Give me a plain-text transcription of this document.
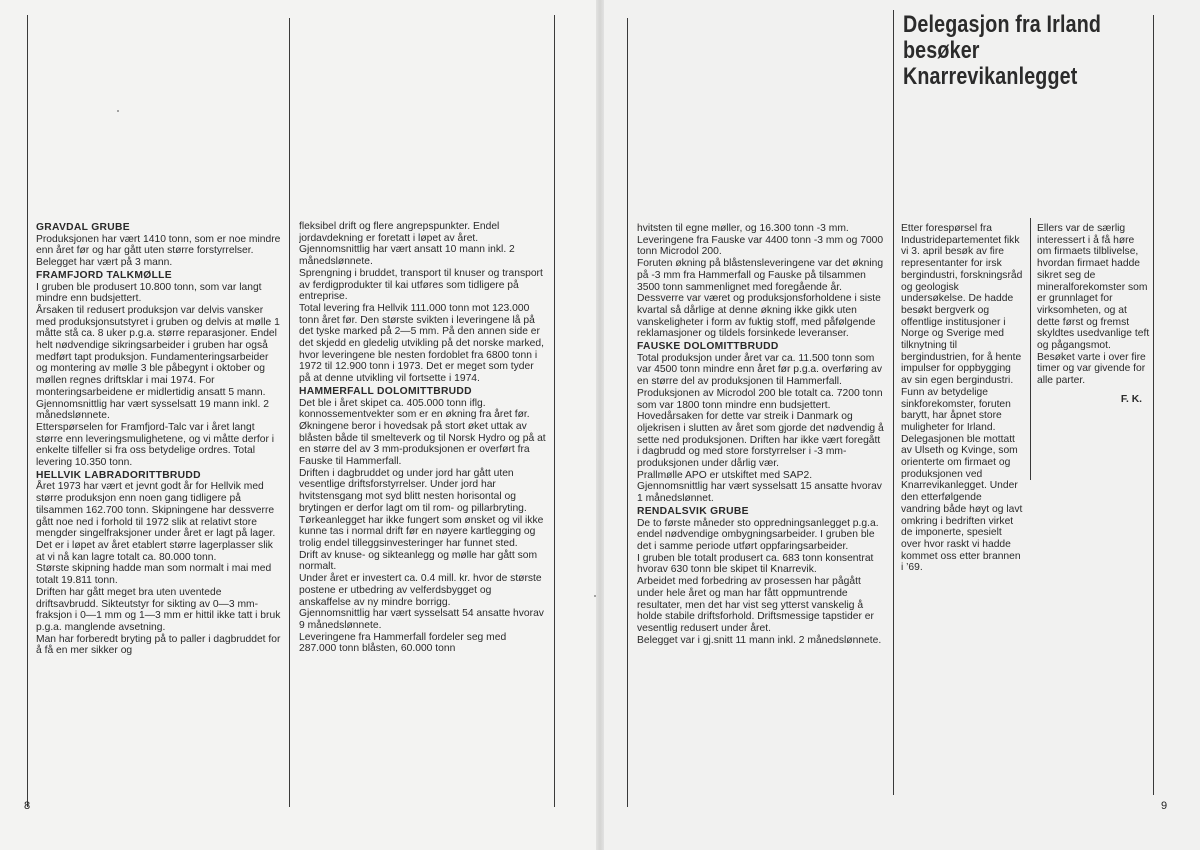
Delegasjon fra Irland
besøker
Knarrevikanlegget
GRAVDAL GRUBE

Produksjonen har vært 1410 tonn, som er noe mindre enn året før og har gått uten større forstyrrelser. Belegget har vært på 3 mann.

FRAMFJORD TALKMØLLE

I gruben ble produsert 10.800 tonn, som var langt mindre enn budsjettert.

Årsaken til redusert produksjon var delvis vansker med produksjonsutstyret i gruben og delvis at mølle 1 måtte stå ca. 8 uker p.g.a. større reparasjoner. Endel helt nødvendige sikringsarbeider i gruben har også medført tapt produksjon. Fundamenteringsarbeider og montering av mølle 3 ble påbegynt i oktober og møllen regnes driftsklar i mai 1974. For monteringsarbeidene er midlertidig ansatt 5 mann.

Gjennomsnittlig har vært sysselsatt 19 mann inkl. 2 månedslønnete.

Etterspørselen for Framfjord-Talc var i året langt større enn leveringsmulighetene, og vi måtte derfor i enkelte tilfeller si fra oss betydelige ordres. Total levering 10.350 tonn.

HELLVIK LABRADORITTBRUDD

Året 1973 har vært et jevnt godt år for Hellvik med større produksjon enn noen gang tidligere på tilsammen 162.700 tonn. Skipningene har dessverre gått noe ned i forhold til 1972 slik at relativt store mengder singelfraksjoner under året er lagt på lager. Det er i løpet av året etablert større lagerplasser slik at vi nå kan lagre totalt ca. 80.000 tonn.

Største skipning hadde man som normalt i mai med totalt 19.811 tonn.

Driften har gått meget bra uten uventede driftsavbrudd. Sikteutstyr for sikting av 0—3 mm-fraksjon i 0—1 mm og 1—3 mm er hittil ikke tatt i bruk p.g.a. manglende avsetning.

Man har forberedt bryting på to paller i dagbruddet for å få en mer sikker og

fleksibel drift og flere angrepspunkter. Endel jordavdekning er foretatt i løpet av året.

Gjennomsnittlig har vært ansatt 10 mann inkl. 2 månedslønnete.

Sprengning i bruddet, transport til knuser og transport av ferdigprodukter til kai utføres som tidligere på entreprise.

Total levering fra Hellvik 111.000 tonn mot 123.000 tonn året før. Den største svikten i leveringene lå på det tyske marked på 2—5 mm. På den annen side er det skjedd en gledelig utvikling på det norske marked, hvor leveringene ble nesten fordoblet fra 6800 tonn i 1972 til 12.900 tonn i 1973. Det er meget som tyder på at denne utvikling vil fortsette i 1974.

HAMMERFALL DOLOMITTBRUDD

Det ble i året skipet ca. 405.000 tonn iflg. konnossementvekter som er en økning fra året før. Økningene beror i hovedsak på stort øket uttak av blåsten både til smelteverk og til Norsk Hydro og på at en større del av 3 mm-produksjonen er overført fra Fauske til Hammerfall.

Driften i dagbruddet og under jord har gått uten vesentlige driftsforstyrrelser. Under jord har hvitstensgang mot syd blitt nesten horisontal og brytingen er derfor lagt om til rom- og pillarbryting.

Tørkeanlegget har ikke fungert som ønsket og vil ikke kunne tas i normal drift før en nøyere kartlegging og trolig endel tilleggsinvesteringer har funnet sted.

Drift av knuse- og sikteanlegg og mølle har gått som normalt.

Under året er investert ca. 0.4 mill. kr. hvor de største postene er utbedring av velferdsbygget og anskaffelse av ny mindre borrigg.

Gjennomsnittlig har vært sysselsatt 54 ansatte hvorav 9 månedslønnete.

Leveringene fra Hammerfall fordeler seg med 287.000 tonn blåsten, 60.000 tonn

hvitsten til egne møller, og 16.300 tonn -3 mm. Leveringene fra Fauske var 4400 tonn -3 mm og 7000 tonn Microdol 200.

Foruten økning på blåstensleveringene var det økning på -3 mm fra Hammerfall og Fauske på tilsammen 3500 tonn sammenlignet med foregående år. Dessverre var været og produksjonsforholdene i siste kvartal så dårlige at denne økning ikke gikk uten vanskeligheter i form av fuktig stoff, med påfølgende reklamasjoner og tildels forsinkede leveranser.

FAUSKE DOLOMITTBRUDD

Total produksjon under året var ca. 11.500 tonn som var 4500 tonn mindre enn året før p.g.a. overføring av en større del av produksjonen til Hammerfall.

Produksjonen av Microdol 200 ble totalt ca. 7200 tonn som var 1800 tonn mindre enn budsjettert. Hovedårsaken for dette var streik i Danmark og oljekrisen i slutten av året som gjorde det nødvendig å sette ned produksjonen. Driften har ikke vært foregått i dagbrudd og med store forstyrrelser i -3 mm-produksjonen under dårlig vær.

Prallmølle APO er utskiftet med SAP2.

Gjennomsnittlig har vært sysselsatt 15 ansatte hvorav 1 månedslønnet.

RENDALSVIK GRUBE

De to første måneder sto oppredningsanlegget p.g.a. endel nødvendige ombygningsarbeider. I gruben ble det i samme periode utført oppfaringsarbeider.

I gruben ble totalt produsert ca. 683 tonn konsentrat hvorav 630 tonn ble skipet til Knarrevik.

Arbeidet med forbedring av prosessen har pågått under hele året og man har fått oppmuntrende resultater, men det har vist seg ytterst vanskelig å holde stabile driftsforhold. Driftsmessige tapstider er vesentlig redusert under året.

Belegget var i gj.snitt 11 mann inkl. 2 månedslønnete.

Etter forespørsel fra Industridepartementet fikk vi 3. april besøk av fire representanter for irsk bergindustri, forskningsråd og geologisk undersøkelse. De hadde besøkt bergverk og offentlige institusjoner i Norge og Sverige med tilknytning til bergindustrien, for å hente impulser for oppbygging av sin egen bergindustri. Funn av betydelige sinkforekomster, foruten barytt, har åpnet store muligheter for Irland. Delegasjonen ble mottatt av Ulseth og Kvinge, som orienterte om firmaet og produksjonen ved Knarrevikanlegget. Under den etterfølgende vandring både høyt og lavt omkring i bedriften virket de imponerte, spesielt over hvor raskt vi hadde kommet oss etter brannen i ’69.

Ellers var de særlig interessert i å få høre om firmaets tilblivelse, hvordan firmaet hadde sikret seg de mineralforekomster som er grunnlaget for virksomheten, og at dette først og fremst skyldtes usedvanlige teft og pågangsmot.

Besøket varte i over fire timer og var givende for alle parter.

F. K.

8	9
